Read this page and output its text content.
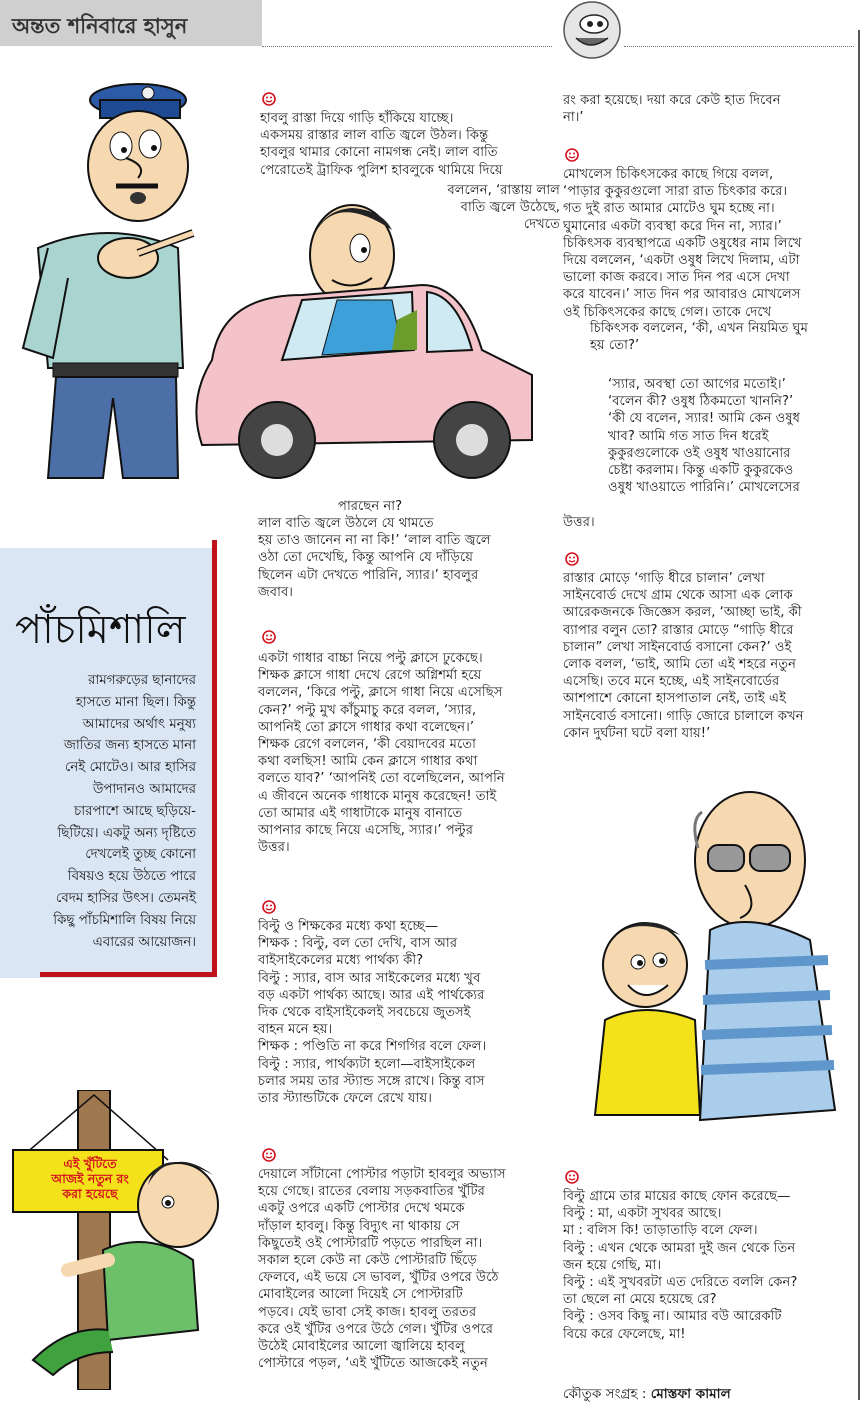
অন্তত শনিবারে হাসুন
পাঁচমিশালি

রামগরুড়ের ছানাদের
হাসতে মানা ছিল। কিন্তু
আমাদের অর্থাৎ মনুষ্য
জাতির জন্য হাসতে মানা
নেই মোটেও। আর হাসির
উপাদানও আমাদের
চারপাশে আছে ছড়িয়ে-
ছিটিয়ে। একটু অন্য দৃষ্টিতে
দেখলেই তুচ্ছ কোনো
বিষয়ও হয়ে উঠতে পারে
বেদম হাসির উৎস। তেমনই
কিছু পাঁচমিশালি বিষয় নিয়ে
এবারের আয়োজন।

হাবলু রাস্তা দিয়ে গাড়ি হাঁকিয়ে যাচ্ছে।
একসময় রাস্তার লাল বাতি জ্বলে উঠল। কিন্তু
হাবলুর থামার কোনো নামগন্ধ নেই। লাল বাতি
পেরোতেই ট্রাফিক পুলিশ হাবলুকে থামিয়ে দিয়ে

বললেন, ‘রাস্তায় লাল
বাতি জ্বলে উঠেছে,
দেখতে

পারছেন না?

লাল বাতি জ্বলে উঠলে যে থামতে
হয় তাও জানেন না না কি!’ ‘লাল বাতি জ্বলে
ওঠা তো দেখেছি, কিন্তু আপনি যে দাঁড়িয়ে
ছিলেন এটা দেখতে পারিনি, স্যার।’ হাবলুর
জবাব।

একটা গাধার বাচ্চা নিয়ে পল্টু ক্লাসে ঢুকেছে।
শিক্ষক ক্লাসে গাধা দেখে রেগে অগ্নিশর্মা হয়ে
বললেন, ‘কিরে পল্টু, ক্লাসে গাধা নিয়ে এসেছিস
কেন?’ পল্টু মুখ কাঁচুমাচু করে বলল, ‘স্যার,
আপনিই তো ক্লাসে গাধার কথা বলেছেন।’
শিক্ষক রেগে বললেন, ‘কী বেয়াদবের মতো
কথা বলছিস! আমি কেন ক্লাসে গাধার কথা
বলতে যাব?’ ‘আপনিই তো বলেছিলেন, আপনি
এ জীবনে অনেক গাধাকে মানুষ করেছেন! তাই
তো আমার এই গাধাটাকে মানুষ বানাতে
আপনার কাছে নিয়ে এসেছি, স্যার।’ পল্টুর
উত্তর।

বিল্টু ও শিক্ষকের মধ্যে কথা হচ্ছে—
শিক্ষক : বিল্টু, বল তো দেখি, বাস আর
বাইসাইকেলের মধ্যে পার্থক্য কী?
বিল্টু : স্যার, বাস আর সাইকেলের মধ্যে খুব
বড় একটা পার্থক্য আছে। আর এই পার্থক্যের
দিক থেকে বাইসাইকেলই সবচেয়ে জুতসই
বাহন মনে হয়।
শিক্ষক : পণ্ডিতি না করে শিগগির বলে ফেল।
বিল্টু : স্যার, পার্থক্যটা হলো—বাইসাইকেল
চলার সময় তার স্ট্যান্ড সঙ্গে রাখে। কিন্তু বাস
তার স্ট্যান্ডটিকে ফেলে রেখে যায়।

দেয়ালে সাঁটানো পোস্টার পড়াটা হাবলুর অভ্যাস
হয়ে গেছে। রাতের বেলায় সড়কবাতির খুঁটির
একটু ওপরে একটি পোস্টার দেখে থমকে
দাঁড়াল হাবলু। কিন্তু বিদ্যুৎ না থাকায় সে
কিছুতেই ওই পোস্টারটি পড়তে পারছিল না।
সকাল হলে কেউ না কেউ পোস্টারটি ছিঁড়ে
ফেলবে, এই ভয়ে সে ভাবল, খুঁটির ওপরে উঠে
মোবাইলের আলো দিয়েই সে পোস্টারটি
পড়বে। যেই ভাবা সেই কাজ। হাবলু তরতর
করে ওই খুঁটির ওপরে উঠে গেল। খুঁটির ওপরে
উঠেই মোবাইলের আলো জ্বালিয়ে হাবলু
পোস্টারে পড়ল, ‘এই খুঁটিতে আজকেই নতুন

রং করা হয়েছে। দয়া করে কেউ হাত দিবেন
না।’

মোখলেস চিকিৎসকের কাছে গিয়ে বলল,
‘পাড়ার কুকুরগুলো সারা রাত চিৎকার করে।
গত দুই রাত আমার মোটেও ঘুম হচ্ছে না।
ঘুমানোর একটা ব্যবস্থা করে দিন না, স্যার।’
চিকিৎসক ব্যবস্থাপত্রে একটি ওষুধের নাম লিখে
দিয়ে বললেন, ‘একটা ওষুধ লিখে দিলাম, এটা
ভালো কাজ করবে। সাত দিন পর এসে দেখা
করে যাবেন।’ সাত দিন পর আবারও মোখলেস
ওই চিকিৎসকের কাছে গেল। তাকে দেখে

চিকিৎসক বললেন, ‘কী, এখন নিয়মিত ঘুম
হয় তো?’

‘স্যার, অবস্থা তো আগের মতোই।’
‘বলেন কী? ওষুধ ঠিকমতো খাননি?’
‘কী যে বলেন, স্যার! আমি কেন ওষুধ
খাব? আমি গত সাত দিন ধরেই
কুকুরগুলোকে ওই ওষুধ খাওয়ানোর
চেষ্টা করলাম। কিন্তু একটি কুকুরকেও
ওষুধ খাওয়াতে পারিনি।’ মোখলেসের

উত্তর।

রাস্তার মোড়ে ‘গাড়ি ধীরে চালান’ লেখা
সাইনবোর্ড দেখে গ্রাম থেকে আসা এক লোক
আরেকজনকে জিজ্ঞেস করল, ‘আচ্ছা ভাই, কী
ব্যাপার বলুন তো? রাস্তার মোড়ে “গাড়ি ধীরে
চালান” লেখা সাইনবোর্ড বসানো কেন?’ ওই
লোক বলল, ‘ভাই, আমি তো এই শহরে নতুন
এসেছি। তবে মনে হচ্ছে, এই সাইনবোর্ডের
আশপাশে কোনো হাসপাতাল নেই, তাই এই
সাইনবোর্ড বসানো। গাড়ি জোরে চালালে কখন
কোন দুর্ঘটনা ঘটে বলা যায়!’

বিল্টু গ্রামে তার মায়ের কাছে ফোন করেছে—
বিল্টু : মা, একটা সুখবর আছে।
মা : বলিস কি! তাড়াতাড়ি বলে ফেল।
বিল্টু : এখন থেকে আমরা দুই জন থেকে তিন
জন হয়ে গেছি, মা।
বিল্টু : এই সুখবরটা এত দেরিতে বললি কেন?
তা ছেলে না মেয়ে হয়েছে রে?
বিল্টু : ওসব কিছু না। আমার বউ আরেকটি
বিয়ে করে ফেলেছে, মা!

কৌতুক সংগ্রহ : মোস্তফা কামাল
এই খুঁটিতে
আজই নতুন রং
করা হয়েছে
